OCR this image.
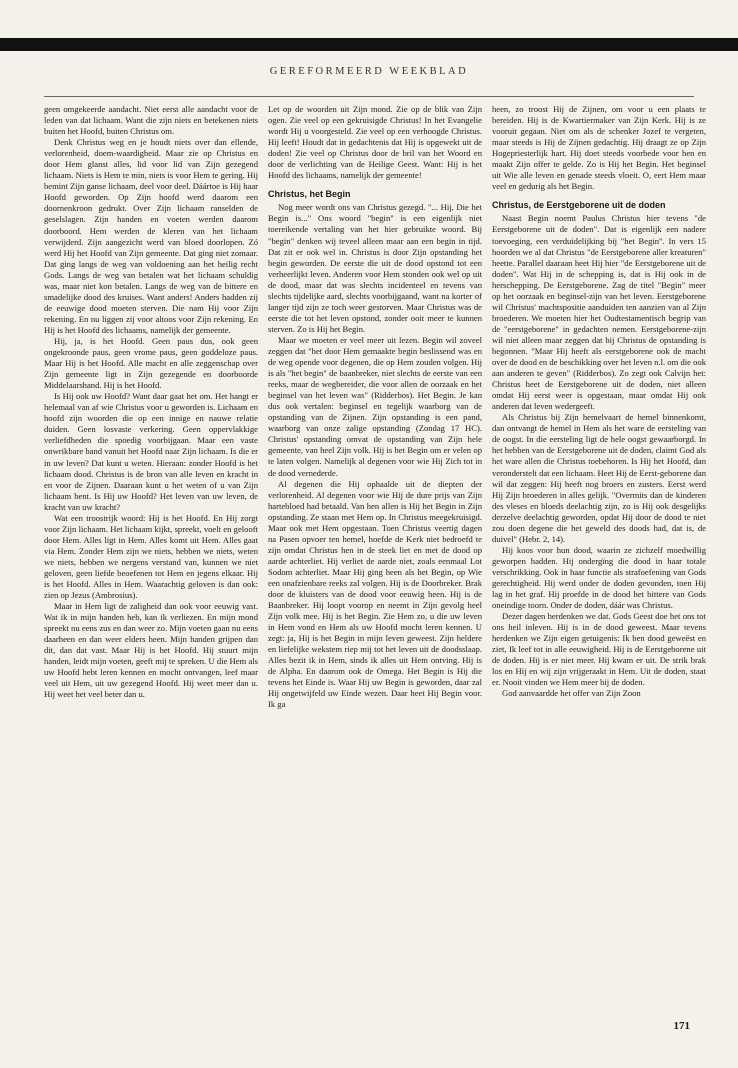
GEREFORMEERD WEEKBLAD

geen omgekeerde aandacht. Niet eerst alle aandacht voor de leden van dat lichaam. Want die zijn niets en betekenen niets buiten het Hoofd, buiten Christus om.

Denk Christus weg en je houdt niets over dan ellende, verlorenheid, doem-waardigheid. Maar zie op Christus en door Hem glanst alles, lid voor lid van Zijn gezegend lichaam. Niets is Hem te min, niets is voor Hem te gering. Hij bemint Zijn ganse lichaam, deel voor deel. Dáártoe is Hij haar Hoofd geworden. Op Zijn hoofd werd daarom een doornenkroon gedrukt. Over Zijn lichaam ranselden de geselslagen. Zijn handen en voeten werden daarom doorboord. Hem werden de kleren van het lichaam verwijderd. Zijn aangezicht werd van bloed doorlopen. Zó werd Hij het Hoofd van Zijn gemeente. Dat ging niet zomaar. Dat ging langs de weg van voldoening aan het heilig recht Gods. Langs de weg van betalen wat het lichaam schuldig was, maar niet kon betalen. Langs de weg van de bittere en smadelijke dood des kruises. Want anders! Anders hadden zij de eeuwige dood moeten sterven. Die nam Hij voor Zijn rekening. En nu liggen zij voor altoos voor Zijn rekening. En Hij is het Hoofd des lichaams, namelijk der gemeente.

Hij, ja, is het Hoofd. Geen paus dus, ook geen ongekroonde paus, geen vrome paus, geen goddeloze paus. Maar Hij is het Hoofd. Alle macht en alle zeggenschap over Zijn gemeente ligt in Zijn gezegende en doorboorde Middelaarshand. Hij is het Hoofd.

Is Hij ook uw Hoofd? Want daar gaat het om. Het hangt er helemaal van af wie Christus voor u geworden is. Lichaam en hoofd zijn woorden die op een innige en nauwe relatie duiden. Geen losvaste verkering. Geen oppervlakkige verliefdheden die spoedig voorbijgaan. Maar een vaste onwrikbare band vanuit het Hoofd naar Zijn lichaam. Is die er in uw leven? Dat kunt u weten. Hieraan: zonder Hoofd is het lichaam dood. Christus is de bron van alle leven en kracht in en voor de Zijnen. Daaraan kunt u het weten of u van Zijn lichaam bent. Is Hij uw Hoofd? Het leven van uw leven, de kracht van uw kracht?

Wat een troostrijk woord: Hij is het Hoofd. En Hij zorgt voor Zijn lichaam. Het lichaam kijkt, spreekt, voelt en gelooft door Hem. Alles ligt in Hem. Alles komt uit Hem. Alles gaat via Hem. Zonder Hem zijn we niets, hebben we niets, weten we niets, hebben we nergens verstand van, kunnen we niet geloven, geen liefde beoefenen tot Hem en jegens elkaar. Hij is het Hoofd. Alles in Hem. Waarachtig geloven is dan ook: zien op Jezus (Ambrosius).

Maar in Hem ligt de zaligheid dan ook voor eeuwig vast. Wat ik in mijn handen heb, kan ik verliezen. En mijn mond spreekt nu eens zus en dan weer zo. Mijn voeten gaan nu eens daarheen en dan weer elders heen. Mijn handen grijpen dan dit, dan dat vast. Maar Hij is het Hoofd. Hij stuurt mijn handen, leidt mijn voeten, geeft mij te spreken. U die Hem als uw Hoofd hebt leren kennen en mocht ontvangen, leef maar veel uit Hem, uit uw gezegend Hoofd. Hij weet meer dan u. Hij weet het veel beter dan u.

Let op de woorden uit Zijn mond. Zie op de blik van Zijn ogen. Zie veel op een gekruisigde Christus! In het Evangelie wordt Hij u voorgesteld. Zie veel op een verhoogde Christus. Hij leeft! Houdt dat in gedachtenis dat Hij is opgewekt uit de doden! Zie veel op Christus door de bril van het Woord en door de verlichting van de Heilige Geest. Want: Hij is het Hoofd des lichaams, namelijk der gemeente!

Christus, het Begin

Nog meer wordt ons van Christus gezegd. "... Hij, Die het Begin is..." Ons woord "begin" is een eigenlijk niet toereikende vertaling van het hier gebruikte woord. Bij "begin" denken wij teveel alleen maar aan een begin in tijd. Dat zit er ook wel in. Christus is door Zijn opstanding het begin geworden. De eerste die uit de dood opstond tot een verheerlijkt leven. Anderen voor Hem stonden ook wel op uit de dood, maar dat was slechts incidenteel en tevens van slechts tijdelijke aard, slechts voorbijgaand, want na korter of langer tijd zijn ze toch weer gestorven. Maar Christus was de eerste die tot het leven opstond, zonder ooit meer te kunnen sterven. Zo is Hij het Begin.

Maar we moeten er veel meer uit lezen. Begin wil zoveel zeggen dat "het door Hem gemaakte begin beslissend was en de weg opende voor degenen, die op Hem zouden volgen. Hij is als "het begin" de baanbreker, niet slechts de eerste van een reeks, maar de wegbereider, die voor allen de oorzaak en het beginsel van het leven was" (Ridderbos). Het Begin. Je kan dus ook vertalen: beginsel en tegelijk waarborg van de opstanding van de Zijnen. Zijn opstanding is een pand, waarborg van onze zalige opstanding (Zondag 17 HC). Christus' opstanding omvat de opstanding van Zijn hele gemeente, van heel Zijn volk. Hij is het Begin om er velen op te laten volgen. Namelijk al degenen voor wie Hij Zich tot in de dood vernederde.

Al degenen die Hij ophaalde uit de diepten der verlorenheid. Al degenen voor wie Hij de dure prijs van Zijn hartebloed had betaald. Van hen allen is Hij het Begin in Zijn opstanding. Ze staan met Hem op. In Christus meegekruisigd. Maar ook met Hem opgestaan. Toen Christus veertig dagen na Pasen opvoer ten hemel, hoefde de Kerk niet bedroefd te zijn omdat Christus hen in de steek liet en met de dood op aarde achterliet. Hij verliet de aarde niet, zoals eenmaal Lot Sodom achterliet. Maar Hij ging heen als het Begin, op Wie een onafzienbare reeks zal volgen. Hij is de Doorbreker. Brak door de kluisters van de dood voor eeuwig heen. Hij is de Baanbreker. Hij loopt voorop en neemt in Zijn gevolg heel Zijn volk mee. Hij is het Begin. Zie Hem zo, u die uw leven in Hem vond en Hem als uw Hoofd mocht leren kennen. U zegt: ja, Hij is het Begin in mijn leven geweest. Zijn heldere en liefelijke wekstem riep mij tot het leven uit de doodsslaap. Alles bezit ik in Hem, sinds ik alles uit Hem ontving. Hij is de Alpha. En daarom ook de Omega. Het Begin is Hij die tevens het Einde is. Waar Hij uw Begin is geworden, daar zal Hij ongetwijfeld uw Einde wezen. Daar heet Hij Begin voor. Ik ga

heen, zo troost Hij de Zijnen, om voor u een plaats te bereiden. Hij is de Kwartiermaker van Zijn Kerk. Hij is ze vooruit gegaan. Niet om als de schenker Jozef te vergeten, maar steeds is Hij de Zijnen gedachtig. Hij draagt ze op Zijn Hogepriesterlijk hart. Hij doet steeds voorbede voor hen en maakt Zijn offer te gelde. Zo is Hij het Begin. Het beginsel uit Wie alle leven en genade steeds vloeit. O, eert Hem maar veel en gedurig als het Begin.

Christus, de Eerstgeborene uit de doden

Naast Begin noemt Paulus Christus hier tevens "de Eerstgeborene uit de doden". Dat is eigenlijk een nadere toevoeging, een verduidelijking bij "het Begin". In vers 15 hoorden we al dat Christus "de Eerstgeborene aller kreaturen" heette. Parallel daaraan heet Hij hier "de Eerstgeborene uit de doden". Wat Hij in de schepping is, dat is Hij ook in de herschepping. De Eerstgeborene. Zag de titel "Begin" meer op het oorzaak en beginsel-zijn van het leven. Eerstgeborene wil Christus' machtspositie aanduiden ten aanzien van al Zijn broederen. We moeten hier het Oudtestamentisch begrip van de "eerstgeborene" in gedachten nemen. Eerstgeborene-zijn wil niet alleen maar zeggen dat bij Christus de opstanding is begonnen. "Maar Hij heeft als eerstgeborene ook de macht over de dood en de beschikking over het leven n.l. om die ook aan anderen te geven" (Ridderbos). Zo zegt ook Calvijn het: Christus heet de Eerstgeborene uit de doden, niet alleen omdat Hij eerst weer is opgestaan, maar omdat Hij ook anderen dat leven wedergeeft.

Als Christus bij Zijn hemelvaart de hemel binnenkomt, dan ontvangt de hemel in Hem als het ware de eersteling van de oogst. In die eersteling ligt de hele oogst gewaarborgd. In het hebben van de Eerstgeborene uit de doden, claimt God als het ware allen die Christus toebehoren. Is Hij het Hoofd, dan veronderstelt dat een lichaam. Heet Hij de Eerst-geborene dan wil dat zeggen: Hij heeft nog broers en zusters. Eerst werd Hij Zijn broederen in alles gelijk. "Overmits dan de kinderen des vleses en bloeds deelachtig zijn, zo is Hij ook desgelijks derzelve deelachtig geworden, opdat Hij door de dood te niet zou doen degene die het geweld des doods had, dat is, de duivel" (Hebr. 2, 14).

Hij koos voor hun dood, waarin ze zichzelf moedwillig geworpen hadden. Hij ondergïng die dood in haar totale verschrikking. Ook in haar functie als strafoefening van Gods gerechtigheid. Hij werd onder de doden gevonden, toen Hij lag in het graf. Hij proefde in de dood het bittere van Gods oneindige toorn. Onder de doden, dáár was Christus.

Dezer dagen herdenken we dat. Gods Geest doe het ons tot ons heil inleven. Hij is in de dood geweest. Maar tevens herdenken we Zijn eigen getuigenis: Ik ben dood geweëst en ziet, Ik leef tot in alle eeuwigheid. Hij is de Eerstgeborene uit de doden. Hij is er niet meer. Hij kwam er uit. De strik brak los en Hij en wij zijn vrijgeraakt in Hem. Uit de doden, staat er. Nooit vinden we Hem meer bij de doden.

God aanvaardde het offer van Zijn Zoon

171
